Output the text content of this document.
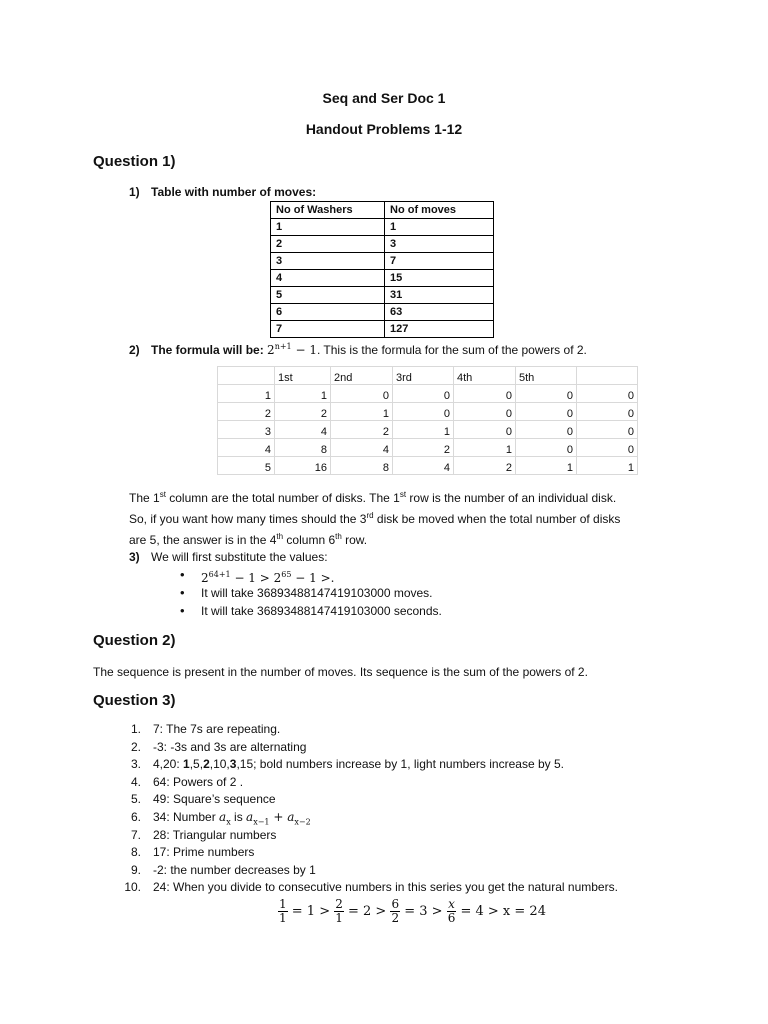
Seq and Ser Doc 1
Handout Problems 1-12
Question 1)
1) Table with number of moves:
No of Washers	No of moves
1	1
2	3
3	7
4	15
5	31
6	63
7	127
2) The formula will be: $2^{n+1} - 1$. This is the formula for the sum of the powers of 2.
	1st	2nd	3rd	4th	5th	
1	1	0	0	0	0	0
2	2	1	0	0	0	0
3	4	2	1	0	0	0
4	8	4	2	1	0	0
5	16	8	4	2	1	1
The 1st column are the total number of disks. The 1st row is the number of an individual disk.
So, if you want how many times should the 3rd disk be moved when the total number of disks
are 5, the answer is in the 4th column 6th row.
3) We will first substitute the values:
• $2^{64+1} - 1 > 2^{65} - 1$ >.
• It will take 36893488147419103000 moves.
• It will take 36893488147419103000 seconds.
Question 2)
The sequence is present in the number of moves. Its sequence is the sum of the powers of 2.
Question 3)
1. 7: The 7s are repeating.
2. -3: -3s and 3s are alternating
3. 4,20: 1,5,2,10,3,15; bold numbers increase by 1, light numbers increase by 5.
4. 64: Powers of 2 .
5. 49: Square’s sequence
6. 34: Number $a_x$ is $a_{x-1} + a_{x-2}$
7. 28: Triangular numbers
8. 17: Prime numbers
9. -2: the number decreases by 1
10. 24: When you divide to consecutive numbers in this series you get the natural numbers.
$\frac{1}{1} = 1 > \frac{2}{1} = 2 > \frac{6}{2} = 3 > \frac{x}{6} = 4 > x = 24$
